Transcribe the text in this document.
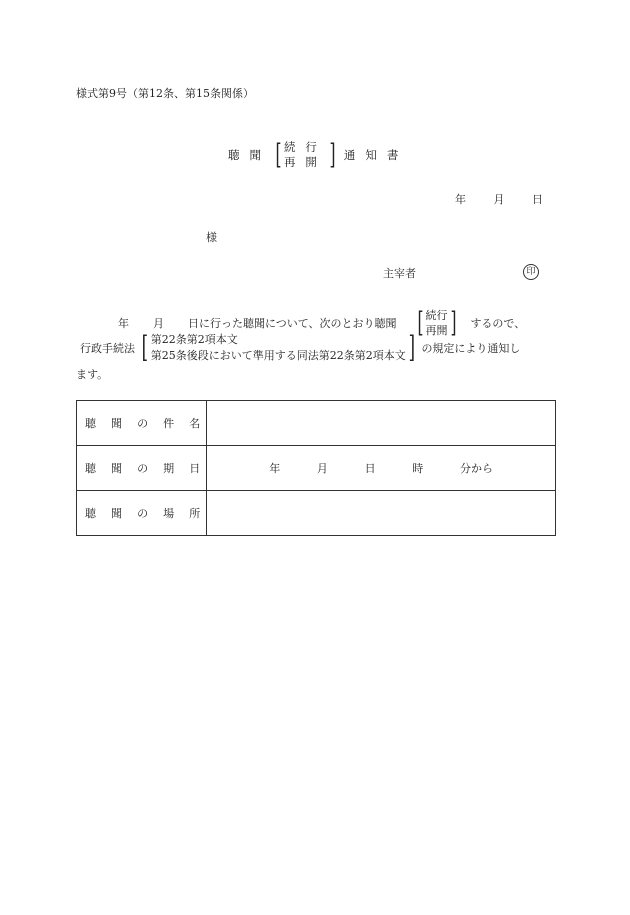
様式第9号（第12条、第15条関係）
聴 聞 [ 続行
再開 ] 通 知 書
年	月	日
様
主宰者	印
年 月 日に行った聴聞について、次のとおり聴聞 [ 続行
再開 ] するので、
行政手続法 [ 第22条第2項本文
第25条後段において準用する同法第22条第2項本文 ] の規定により通知し
ます。
聴 聞 の 件 名	

聴 聞 の 期 日	年 月 日 時 分から

聴 聞 の 場 所	
